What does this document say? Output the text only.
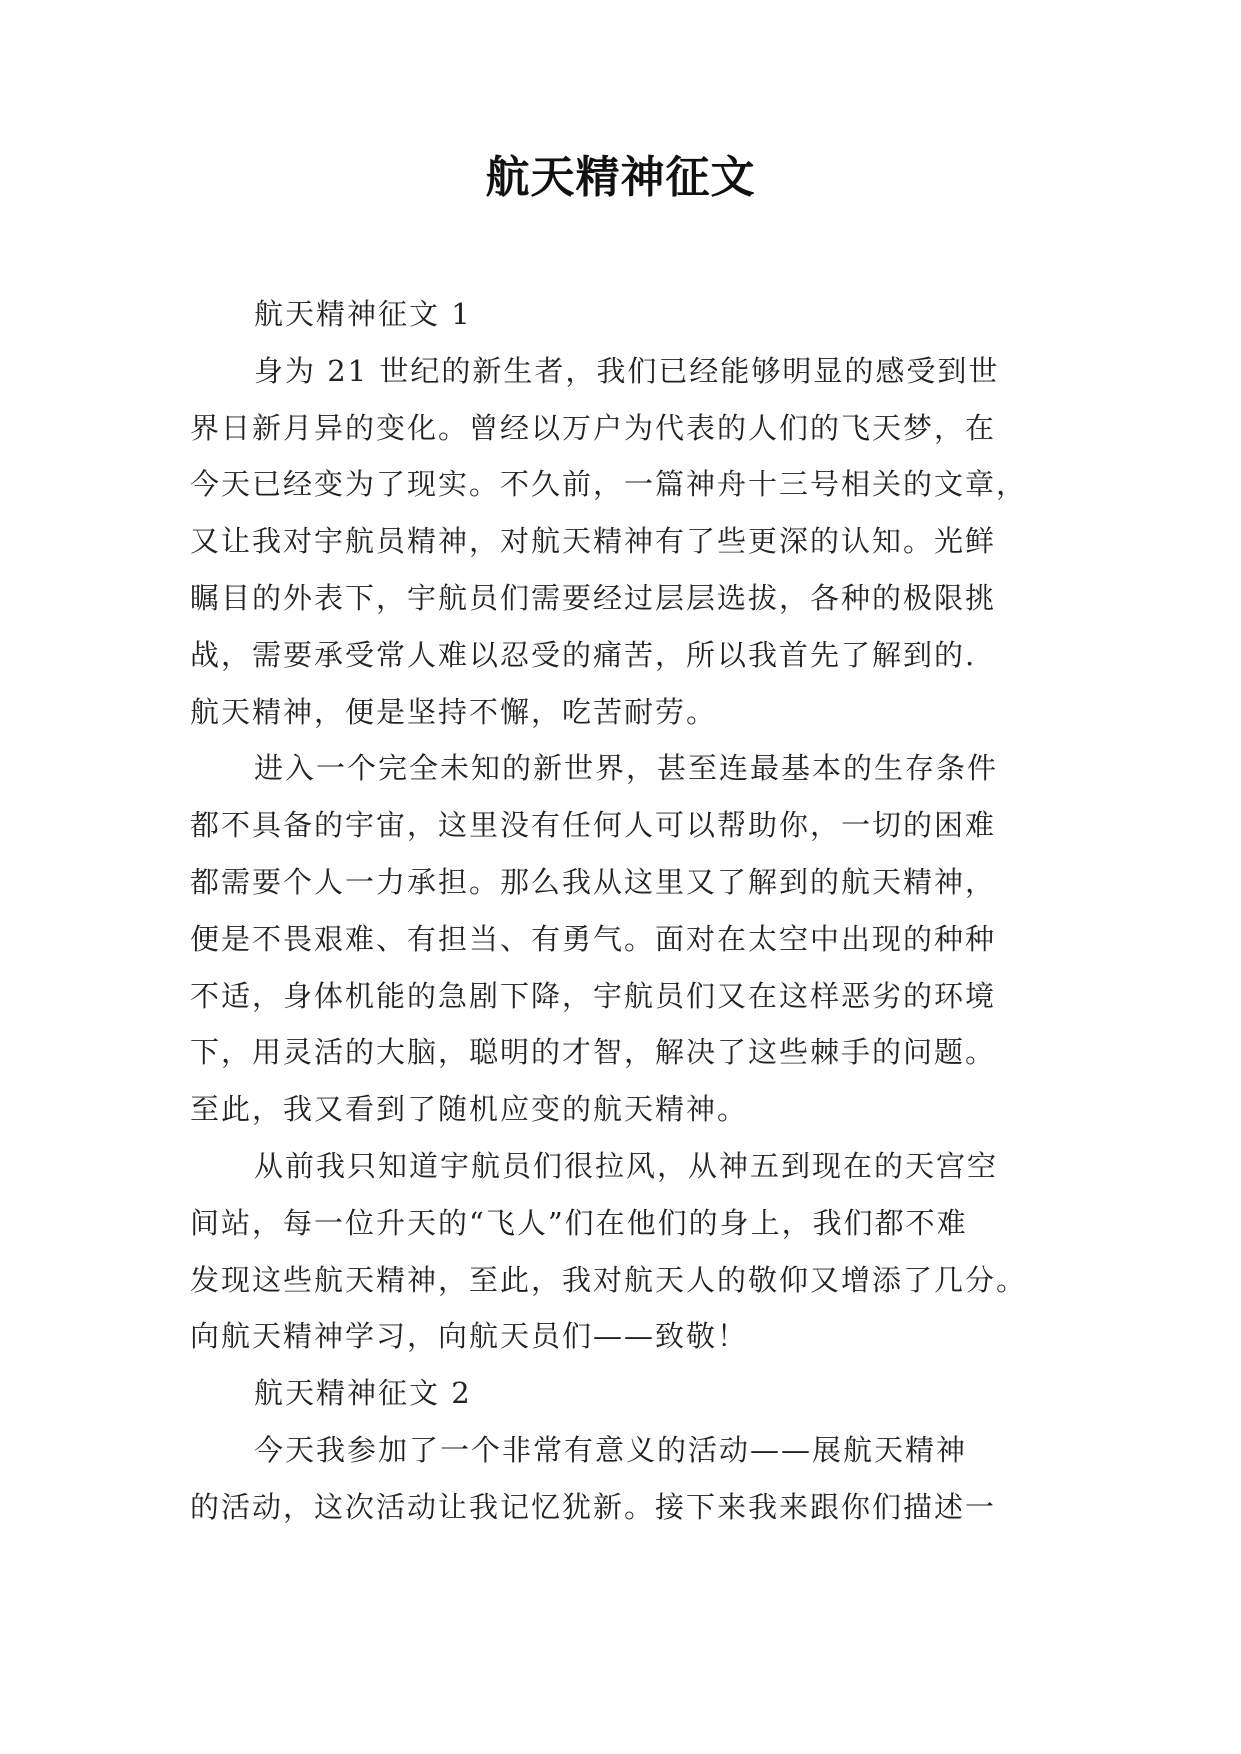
航天精神征文
航天精神征文 1
身为 21 世纪的新生者，我们已经能够明显的感受到世
界日新月异的变化。曾经以万户为代表的人们的飞天梦，在
今天已经变为了现实。不久前，一篇神舟十三号相关的文章，
又让我对宇航员精神，对航天精神有了些更深的认知。光鲜
瞩目的外表下，宇航员们需要经过层层选拔，各种的极限挑
战，需要承受常人难以忍受的痛苦，所以我首先了解到的.
航天精神，便是坚持不懈，吃苦耐劳。
进入一个完全未知的新世界，甚至连最基本的生存条件
都不具备的宇宙，这里没有任何人可以帮助你，一切的困难
都需要个人一力承担。那么我从这里又了解到的航天精神，
便是不畏艰难、有担当、有勇气。面对在太空中出现的种种
不适，身体机能的急剧下降，宇航员们又在这样恶劣的环境
下，用灵活的大脑，聪明的才智，解决了这些棘手的问题。
至此，我又看到了随机应变的航天精神。
从前我只知道宇航员们很拉风，从神五到现在的天宫空
间站，每一位升天的“飞人”们在他们的身上，我们都不难
发现这些航天精神，至此，我对航天人的敬仰又增添了几分。
向航天精神学习，向航天员们——致敬！
航天精神征文 2
今天我参加了一个非常有意义的活动——展航天精神
的活动，这次活动让我记忆犹新。接下来我来跟你们描述一
